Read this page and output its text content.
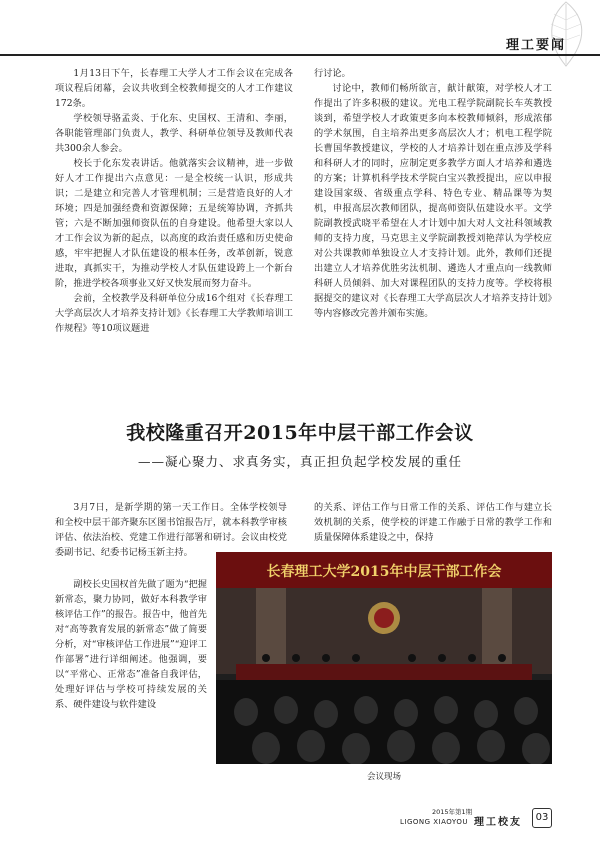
理工要闻

1月13日下午，长春理工大学人才工作会议在完成各项议程后闭幕，会议共收到全校教师提交的人才工作建议172条。

学校领导骆孟炎、于化东、史国权、王清和、李丽，各职能管理部门负责人，教学、科研单位领导及教师代表共300余人参会。

校长于化东发表讲话。他就落实会议精神，进一步做好人才工作提出六点意见：一是全校统一认识，形成共识；二是建立和完善人才管理机制；三是营造良好的人才环境；四是加强经费和资源保障；五是统筹协调，齐抓共管；六是不断加强师资队伍的自身建设。他希望大家以人才工作会议为新的起点，以高度的政治责任感和历史使命感，牢牢把握人才队伍建设的根本任务，改革创新，锐意进取，真抓实干，为推动学校人才队伍建设跨上一个新台阶，推进学校各项事业又好又快发展而努力奋斗。

会前，全校教学及科研单位分成16个组对《长春理工大学高层次人才培养支持计划》《长春理工大学教师培训工作规程》等10项议题进

行讨论。

讨论中，教师们畅所欲言，献计献策，对学校人才工作提出了许多积极的建议。光电工程学院副院长车英教授谈到，希望学校人才政策更多向本校教师倾斜，形成浓郁的学术氛围，自主培养出更多高层次人才；机电工程学院长曹国华教授建议，学校的人才培养计划在重点涉及学科和科研人才的同时，应制定更多教学方面人才培养和遴选的方案；计算机科学技术学院白宝兴教授提出，应以申报建设国家级、省级重点学科、特色专业、精品课等为契机，申报高层次教师团队，提高师资队伍建设水平。文学院副教授武晓平希望在人才计划中加大对人文社科领域教师的支持力度，马克思主义学院副教授刘艳萍认为学校应对公共课教师单独设立人才支持计划。此外，教师们还提出建立人才培养优胜劣汰机制、遴选人才重点向一线教师科研人员倾斜、加大对课程团队的支持力度等。学校将根据提交的建议对《长春理工大学高层次人才培养支持计划》等内容修改完善并颁布实施。

我校隆重召开2015年中层干部工作会议
——凝心聚力、求真务实，真正担负起学校发展的重任

3月7日，是新学期的第一天工作日。全体学校领导和全校中层干部齐聚东区图书馆报告厅，就本科教学审核评估、依法治校、党建工作进行部署和研讨。会议由校党委副书记、纪委书记杨玉新主持。

副校长史国权首先做了题为“把握新常态，聚力协同，做好本科教学审核评估工作”的报告。报告中，他首先对“高等教育发展的新常态”做了简要分析，对“审核评估工作进展”“迎评工作部署”进行详细阐述。他强调，要以“平常心、正常态”准备自我评估，处理好评估与学校可持续发展的关系、硬件建设与软件建设

的关系、评估工作与日常工作的关系、评估工作与建立长效机制的关系，使学校的评建工作融于日常的教学工作和质量保障体系建设之中，保持

长春理工大学2015年中层干部工作会
会议现场
2015年第1期
LIGONG XIAOYOU 理工校友	03
